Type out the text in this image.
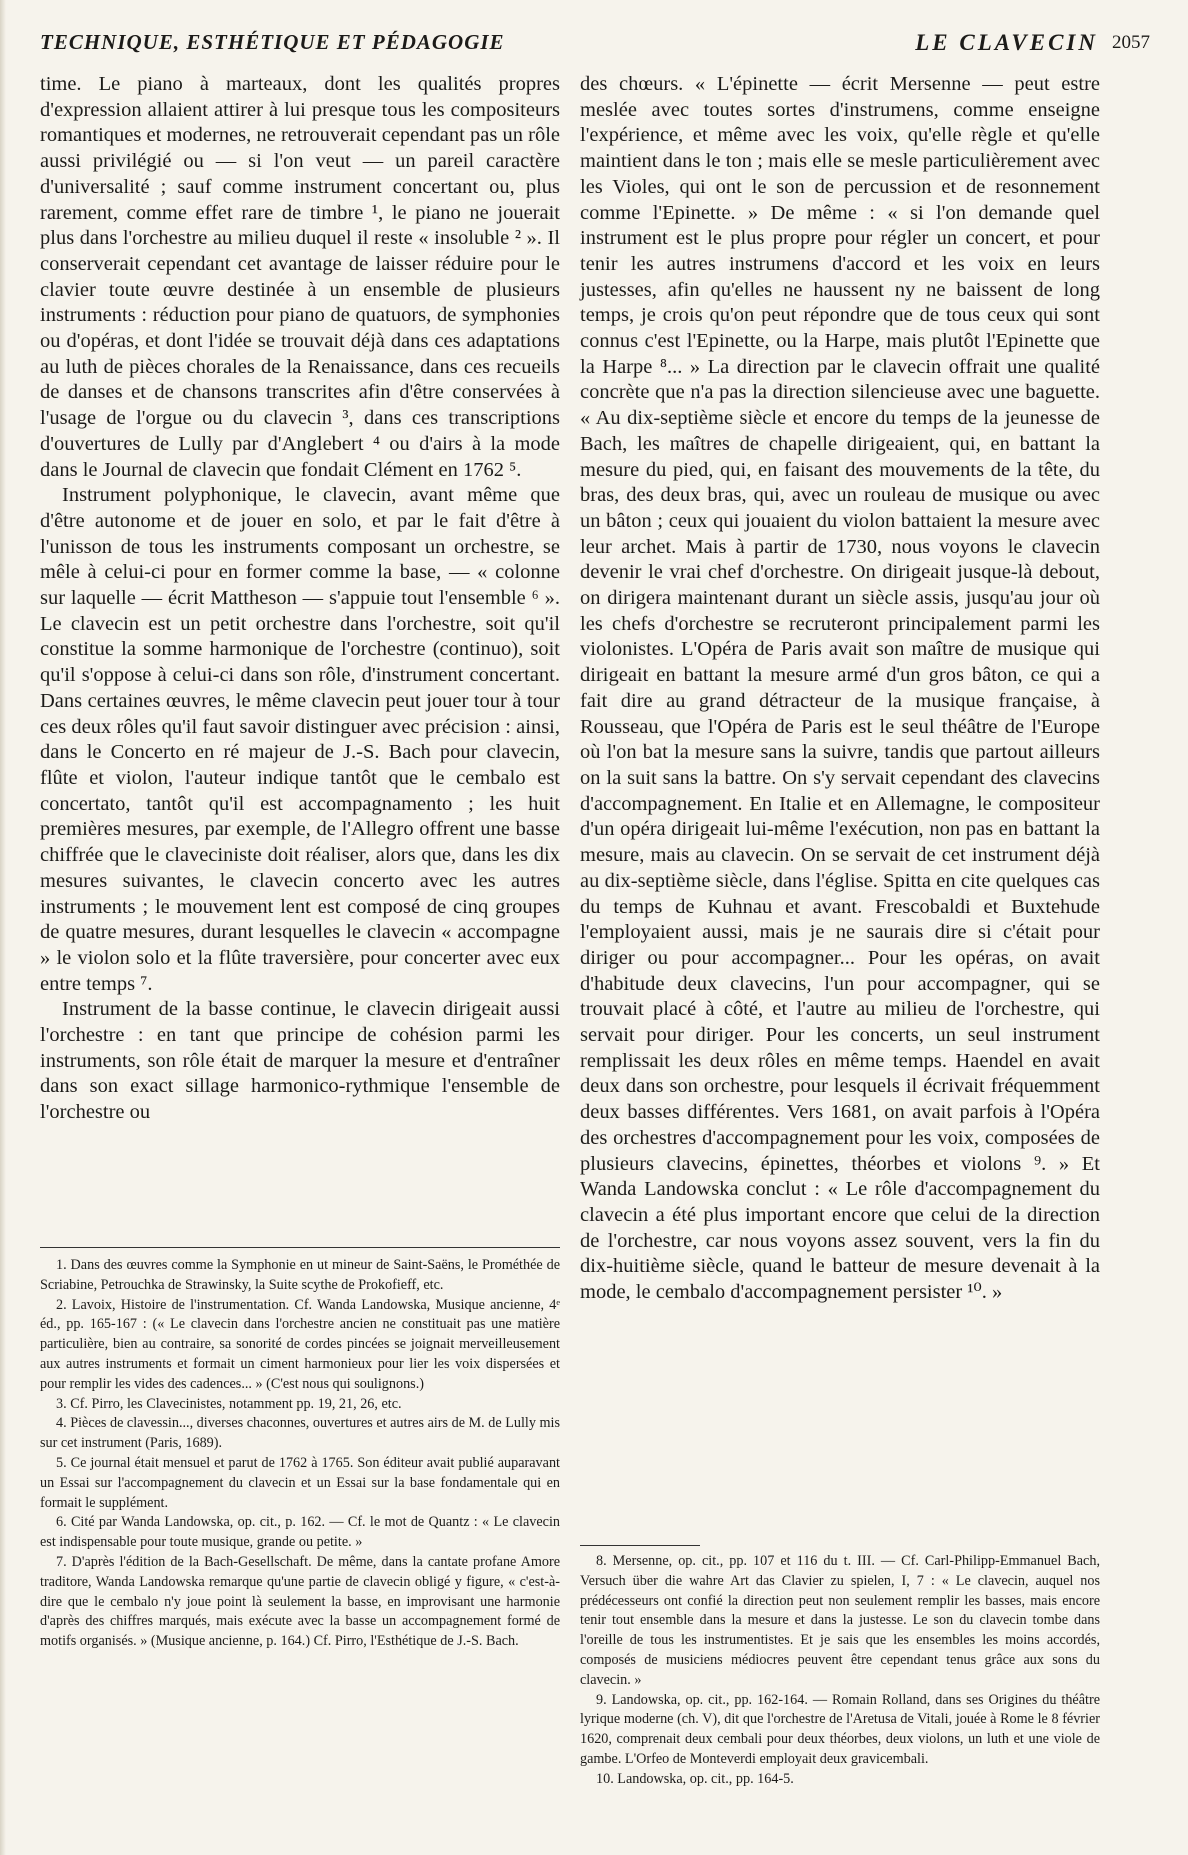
TECHNIQUE, ESTHÉTIQUE ET PÉDAGOGIE	LE CLAVECIN 2057

time. Le piano à marteaux, dont les qualités propres d'expression allaient attirer à lui presque tous les compositeurs romantiques et modernes, ne retrouverait cependant pas un rôle aussi privilégié ou — si l'on veut — un pareil caractère d'universalité ; sauf comme instrument concertant ou, plus rarement, comme effet rare de timbre ¹, le piano ne jouerait plus dans l'orchestre au milieu duquel il reste « insoluble ² ». Il conserverait cependant cet avantage de laisser réduire pour le clavier toute œuvre destinée à un ensemble de plusieurs instruments : réduction pour piano de quatuors, de symphonies ou d'opéras, et dont l'idée se trouvait déjà dans ces adaptations au luth de pièces chorales de la Renaissance, dans ces recueils de danses et de chansons transcrites afin d'être conservées à l'usage de l'orgue ou du clavecin ³, dans ces transcriptions d'ouvertures de Lully par d'Anglebert ⁴ ou d'airs à la mode dans le Journal de clavecin que fondait Clément en 1762 ⁵.

Instrument polyphonique, le clavecin, avant même que d'être autonome et de jouer en solo, et par le fait d'être à l'unisson de tous les instruments composant un orchestre, se mêle à celui-ci pour en former comme la base, — « colonne sur laquelle — écrit Mattheson — s'appuie tout l'ensemble ⁶ ». Le clavecin est un petit orchestre dans l'orchestre, soit qu'il constitue la somme harmonique de l'orchestre (continuo), soit qu'il s'oppose à celui-ci dans son rôle, d'instrument concertant. Dans certaines œuvres, le même clavecin peut jouer tour à tour ces deux rôles qu'il faut savoir distinguer avec précision : ainsi, dans le Concerto en ré majeur de J.-S. Bach pour clavecin, flûte et violon, l'auteur indique tantôt que le cembalo est concertato, tantôt qu'il est accompagnamento ; les huit premières mesures, par exemple, de l'Allegro offrent une basse chiffrée que le claveciniste doit réaliser, alors que, dans les dix mesures suivantes, le clavecin concerto avec les autres instruments ; le mouvement lent est composé de cinq groupes de quatre mesures, durant lesquelles le clavecin « accompagne » le violon solo et la flûte traversière, pour concerter avec eux entre temps ⁷.

Instrument de la basse continue, le clavecin dirigeait aussi l'orchestre : en tant que principe de cohésion parmi les instruments, son rôle était de marquer la mesure et d'entraîner dans son exact sillage harmonico-rythmique l'ensemble de l'orchestre ou

des chœurs. « L'épinette — écrit Mersenne — peut estre meslée avec toutes sortes d'instrumens, comme enseigne l'expérience, et même avec les voix, qu'elle règle et qu'elle maintient dans le ton ; mais elle se mesle particulièrement avec les Violes, qui ont le son de percussion et de resonnement comme l'Epinette. » De même : « si l'on demande quel instrument est le plus propre pour régler un concert, et pour tenir les autres instrumens d'accord et les voix en leurs justesses, afin qu'elles ne haussent ny ne baissent de long temps, je crois qu'on peut répondre que de tous ceux qui sont connus c'est l'Epinette, ou la Harpe, mais plutôt l'Epinette que la Harpe ⁸... » La direction par le clavecin offrait une qualité concrète que n'a pas la direction silencieuse avec une baguette. « Au dix-septième siècle et encore du temps de la jeunesse de Bach, les maîtres de chapelle dirigeaient, qui, en battant la mesure du pied, qui, en faisant des mouvements de la tête, du bras, des deux bras, qui, avec un rouleau de musique ou avec un bâton ; ceux qui jouaient du violon battaient la mesure avec leur archet. Mais à partir de 1730, nous voyons le clavecin devenir le vrai chef d'orchestre. On dirigeait jusque-là debout, on dirigera maintenant durant un siècle assis, jusqu'au jour où les chefs d'orchestre se recruteront principalement parmi les violonistes. L'Opéra de Paris avait son maître de musique qui dirigeait en battant la mesure armé d'un gros bâton, ce qui a fait dire au grand détracteur de la musique française, à Rousseau, que l'Opéra de Paris est le seul théâtre de l'Europe où l'on bat la mesure sans la suivre, tandis que partout ailleurs on la suit sans la battre. On s'y servait cependant des clavecins d'accompagnement. En Italie et en Allemagne, le compositeur d'un opéra dirigeait lui-même l'exécution, non pas en battant la mesure, mais au clavecin. On se servait de cet instrument déjà au dix-septième siècle, dans l'église. Spitta en cite quelques cas du temps de Kuhnau et avant. Frescobaldi et Buxtehude l'employaient aussi, mais je ne saurais dire si c'était pour diriger ou pour accompagner... Pour les opéras, on avait d'habitude deux clavecins, l'un pour accompagner, qui se trouvait placé à côté, et l'autre au milieu de l'orchestre, qui servait pour diriger. Pour les concerts, un seul instrument remplissait les deux rôles en même temps. Haendel en avait deux dans son orchestre, pour lesquels il écrivait fréquemment deux basses différentes. Vers 1681, on avait parfois à l'Opéra des orchestres d'accompagnement pour les voix, composées de plusieurs clavecins, épinettes, théorbes et violons ⁹. » Et Wanda Landowska conclut : « Le rôle d'accompagnement du clavecin a été plus important encore que celui de la direction de l'orchestre, car nous voyons assez souvent, vers la fin du dix-huitième siècle, quand le batteur de mesure devenait à la mode, le cembalo d'accompagnement persister ¹⁰. »

1. Dans des œuvres comme la Symphonie en ut mineur de Saint-Saëns, le Prométhée de Scriabine, Petrouchka de Strawinsky, la Suite scythe de Prokofieff, etc.

2. Lavoix, Histoire de l'instrumentation. Cf. Wanda Landowska, Musique ancienne, 4ᵉ éd., pp. 165-167 : (« Le clavecin dans l'orchestre ancien ne constituait pas une matière particulière, bien au contraire, sa sonorité de cordes pincées se joignait merveilleusement aux autres instruments et formait un ciment harmonieux pour lier les voix dispersées et pour remplir les vides des cadences... » (C'est nous qui soulignons.)

3. Cf. Pirro, les Clavecinistes, notamment pp. 19, 21, 26, etc.

4. Pièces de clavessin..., diverses chaconnes, ouvertures et autres airs de M. de Lully mis sur cet instrument (Paris, 1689).

5. Ce journal était mensuel et parut de 1762 à 1765. Son éditeur avait publié auparavant un Essai sur l'accompagnement du clavecin et un Essai sur la base fondamentale qui en formait le supplément.

6. Cité par Wanda Landowska, op. cit., p. 162. — Cf. le mot de Quantz : « Le clavecin est indispensable pour toute musique, grande ou petite. »

7. D'après l'édition de la Bach-Gesellschaft. De même, dans la cantate profane Amore traditore, Wanda Landowska remarque qu'une partie de clavecin obligé y figure, « c'est-à-dire que le cembalo n'y joue point là seulement la basse, en improvisant une harmonie d'après des chiffres marqués, mais exécute avec la basse un accompagnement formé de motifs organisés. » (Musique ancienne, p. 164.) Cf. Pirro, l'Esthétique de J.-S. Bach.

8. Mersenne, op. cit., pp. 107 et 116 du t. III. — Cf. Carl-Philipp-Emmanuel Bach, Versuch über die wahre Art das Clavier zu spielen, I, 7 : « Le clavecin, auquel nos prédécesseurs ont confié la direction peut non seulement remplir les basses, mais encore tenir tout ensemble dans la mesure et dans la justesse. Le son du clavecin tombe dans l'oreille de tous les instrumentistes. Et je sais que les ensembles les moins accordés, composés de musiciens médiocres peuvent être cependant tenus grâce aux sons du clavecin. »

9. Landowska, op. cit., pp. 162-164. — Romain Rolland, dans ses Origines du théâtre lyrique moderne (ch. V), dit que l'orchestre de l'Aretusa de Vitali, jouée à Rome le 8 février 1620, comprenait deux cembali pour deux théorbes, deux violons, un luth et une viole de gambe. L'Orfeo de Monteverdi employait deux gravicembali.

10. Landowska, op. cit., pp. 164-5.
